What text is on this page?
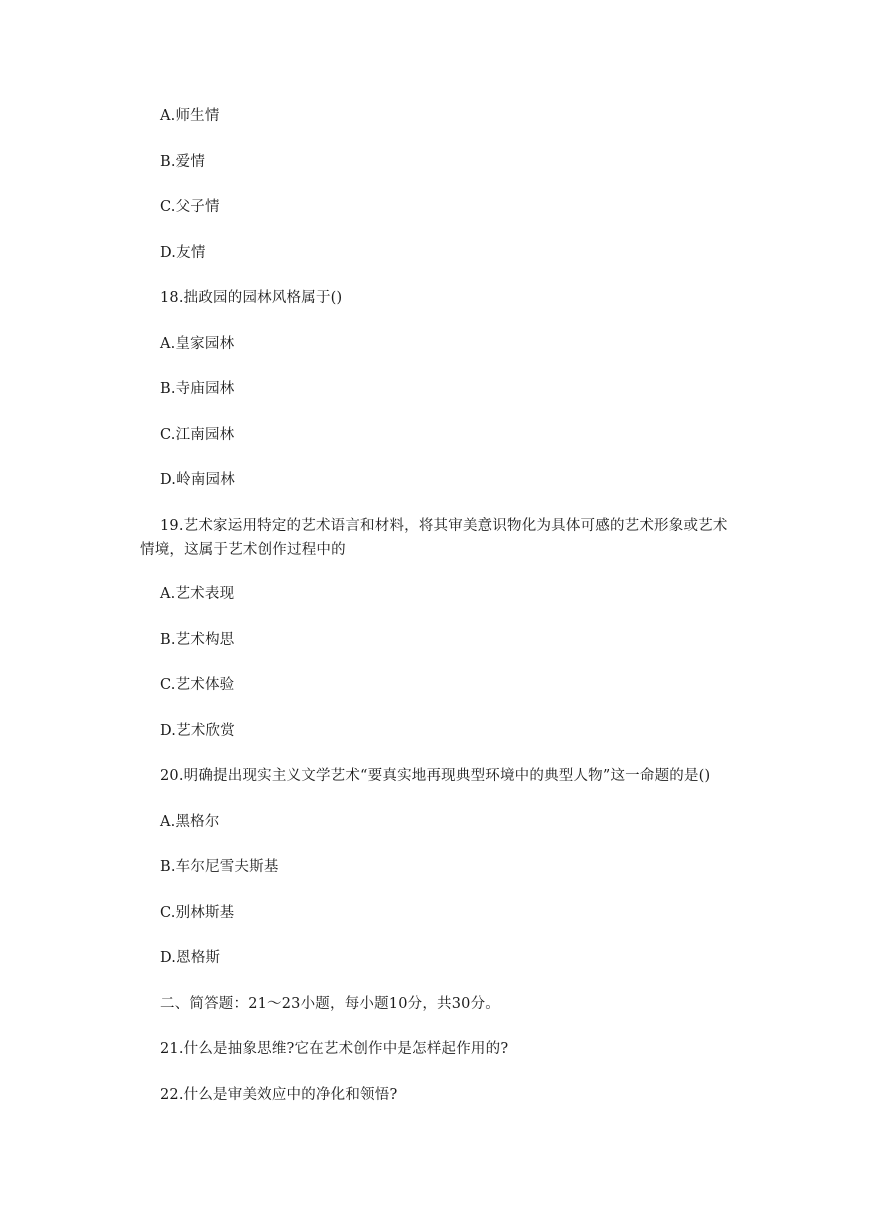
A.师生情
B.爱情
C.父子情
D.友情
18.拙政园的园林风格属于()
A.皇家园林
B.寺庙园林
C.江南园林
D.岭南园林
19.艺术家运用特定的艺术语言和材料，将其审美意识物化为具体可感的艺术形象或艺术情境，这属于艺术创作过程中的
A.艺术表现
B.艺术构思
C.艺术体验
D.艺术欣赏
20.明确提出现实主义文学艺术“要真实地再现典型环境中的典型人物”这一命题的是()
A.黑格尔
B.车尔尼雪夫斯基
C.别林斯基
D.恩格斯
二、简答题：21～23小题，每小题10分，共30分。
21.什么是抽象思维?它在艺术创作中是怎样起作用的?
22.什么是审美效应中的净化和领悟?
